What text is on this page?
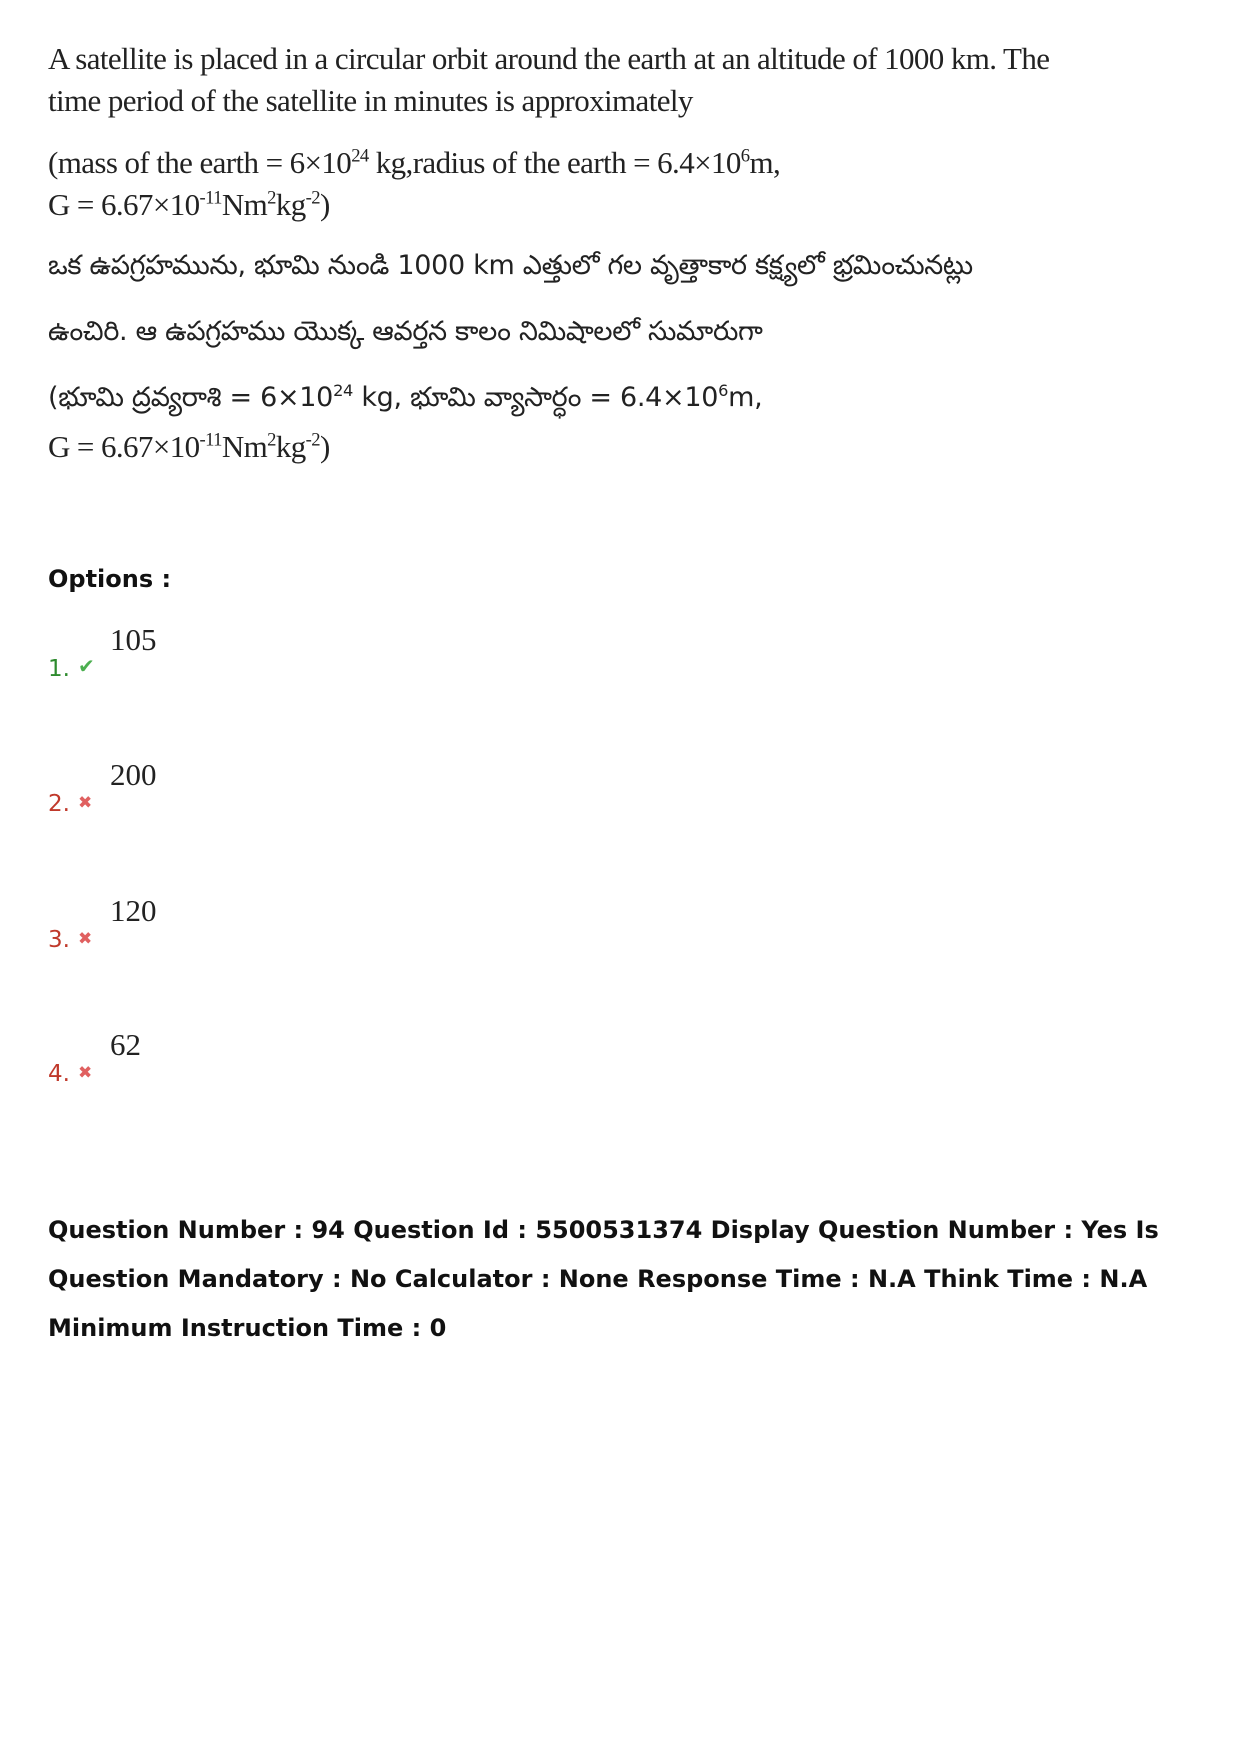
A satellite is placed in a circular orbit around the earth at an altitude of 1000 km. The
time period of the satellite in minutes is approximately
(mass of the earth = $6\times 10^{24}$ kg,radius of the earth = $6.4\times 10^6m$,
$G = 6.67\times 10^{-11}Nm^2kg^{-2}$)
ఒక ఉపగ్రహమును, భూమి నుండి 1000 km ఎత్తులో గల వృత్తాకార కక్ష్యలో భ్రమించునట్లు
ఉంచిరి. ఆ ఉపగ్రహము యొక్క ఆవర్తన కాలం నిమిషాలలో సుమారుగా
(భూమి ద్రవ్యరాశి = $6\times 10^{24}$ kg, భూమి వ్యాసార్ధం = $6.4\times 10^6m$,
$G = 6.67\times 10^{-11}Nm^2kg^{-2}$)
Options :
1. ✔
105
2. ✖
200
3. ✖
120
4. ✖
62
Question Number : 94 Question Id : 5500531374 Display Question Number : Yes Is Question Mandatory : No Calculator : None Response Time : N.A Think Time : N.A Minimum Instruction Time : 0
